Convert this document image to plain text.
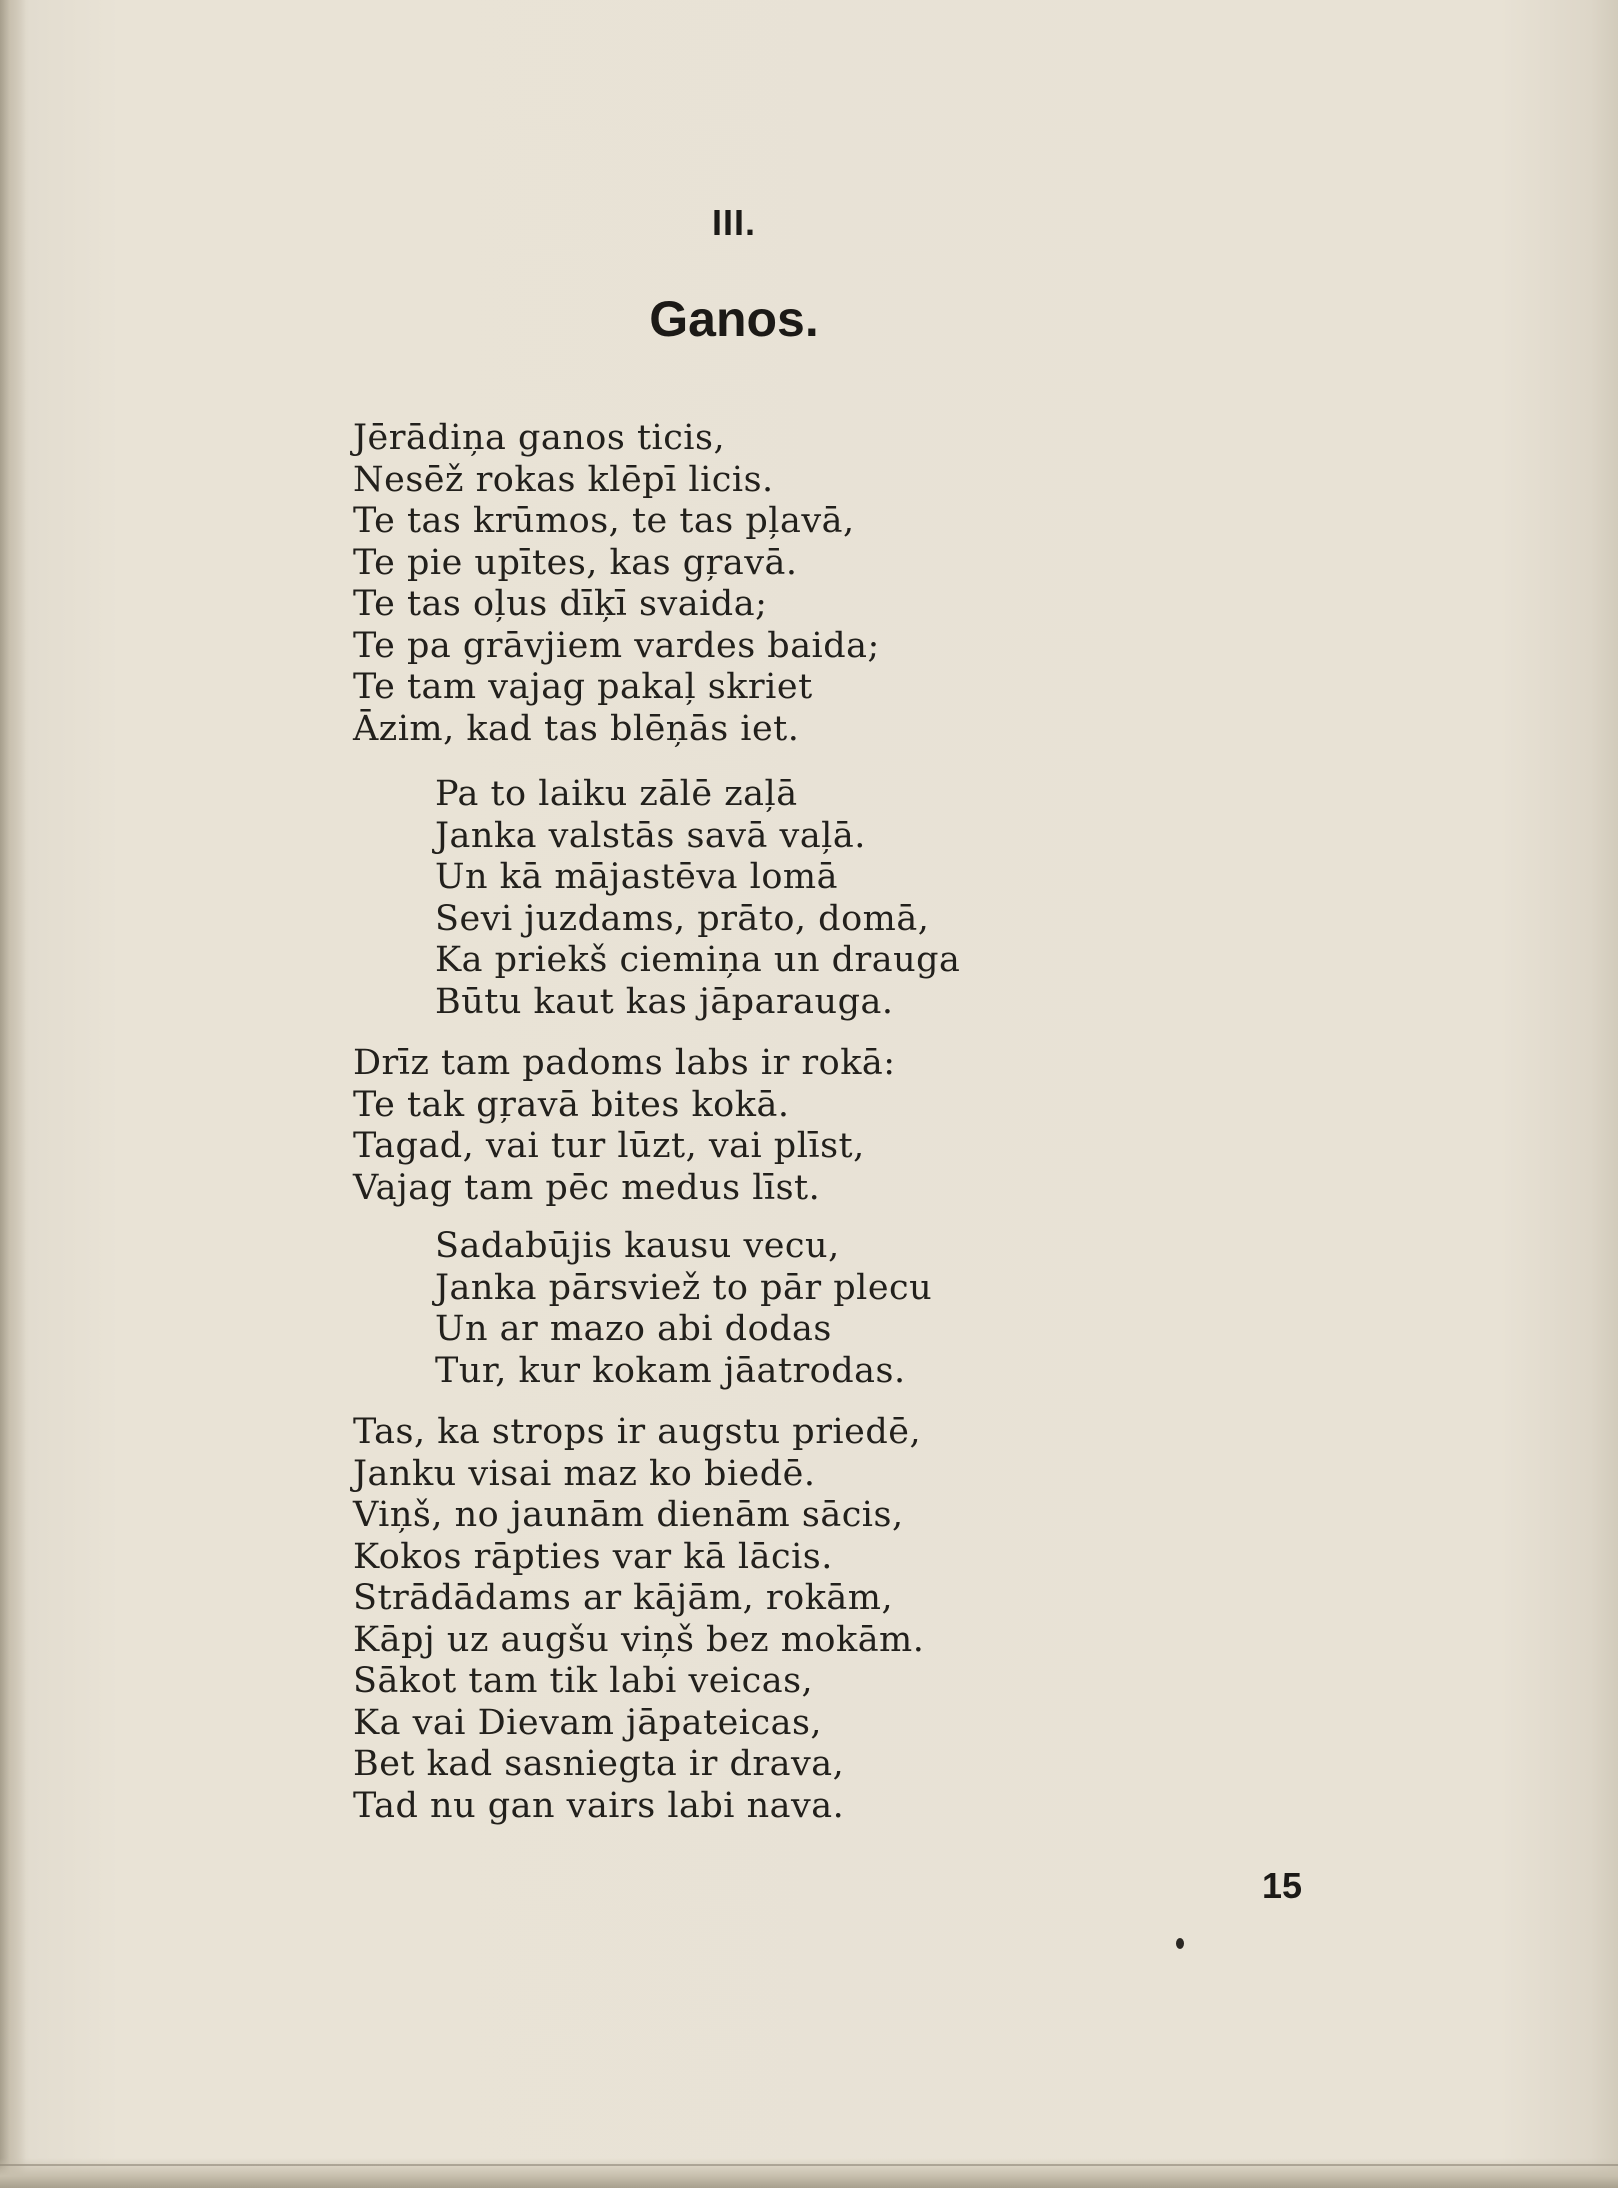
III.
Ganos.
Jērādiņa ganos ticis,
Nesēž rokas klēpī licis.
Te tas krūmos, te tas pļavā,
Te pie upītes, kas gŗavā.
Te tas oļus dīķī svaida;
Te pa grāvjiem vardes baida;
Te tam vajag pakaļ skriet
Āzim, kad tas blēņās iet.
Pa to laiku zālē zaļā
Janka valstās savā vaļā.
Un kā mājastēva lomā
Sevi juzdams, prāto, domā,
Ka priekš ciemiņa un drauga
Būtu kaut kas jāparauga.
Drīz tam padoms labs ir rokā:
Te tak gŗavā bites kokā.
Tagad, vai tur lūzt, vai plīst,
Vajag tam pēc medus līst.
Sadabūjis kausu vecu,
Janka pārsviež to pār plecu
Un ar mazo abi dodas
Tur, kur kokam jāatrodas.
Tas, ka strops ir augstu priedē,
Janku visai maz ko biedē.
Viņš, no jaunām dienām sācis,
Kokos rāpties var kā lācis.
Strādādams ar kājām, rokām,
Kāpj uz augšu viņš bez mokām.
Sākot tam tik labi veicas,
Ka vai Dievam jāpateicas,
Bet kad sasniegta ir drava,
Tad nu gan vairs labi nava.
15
